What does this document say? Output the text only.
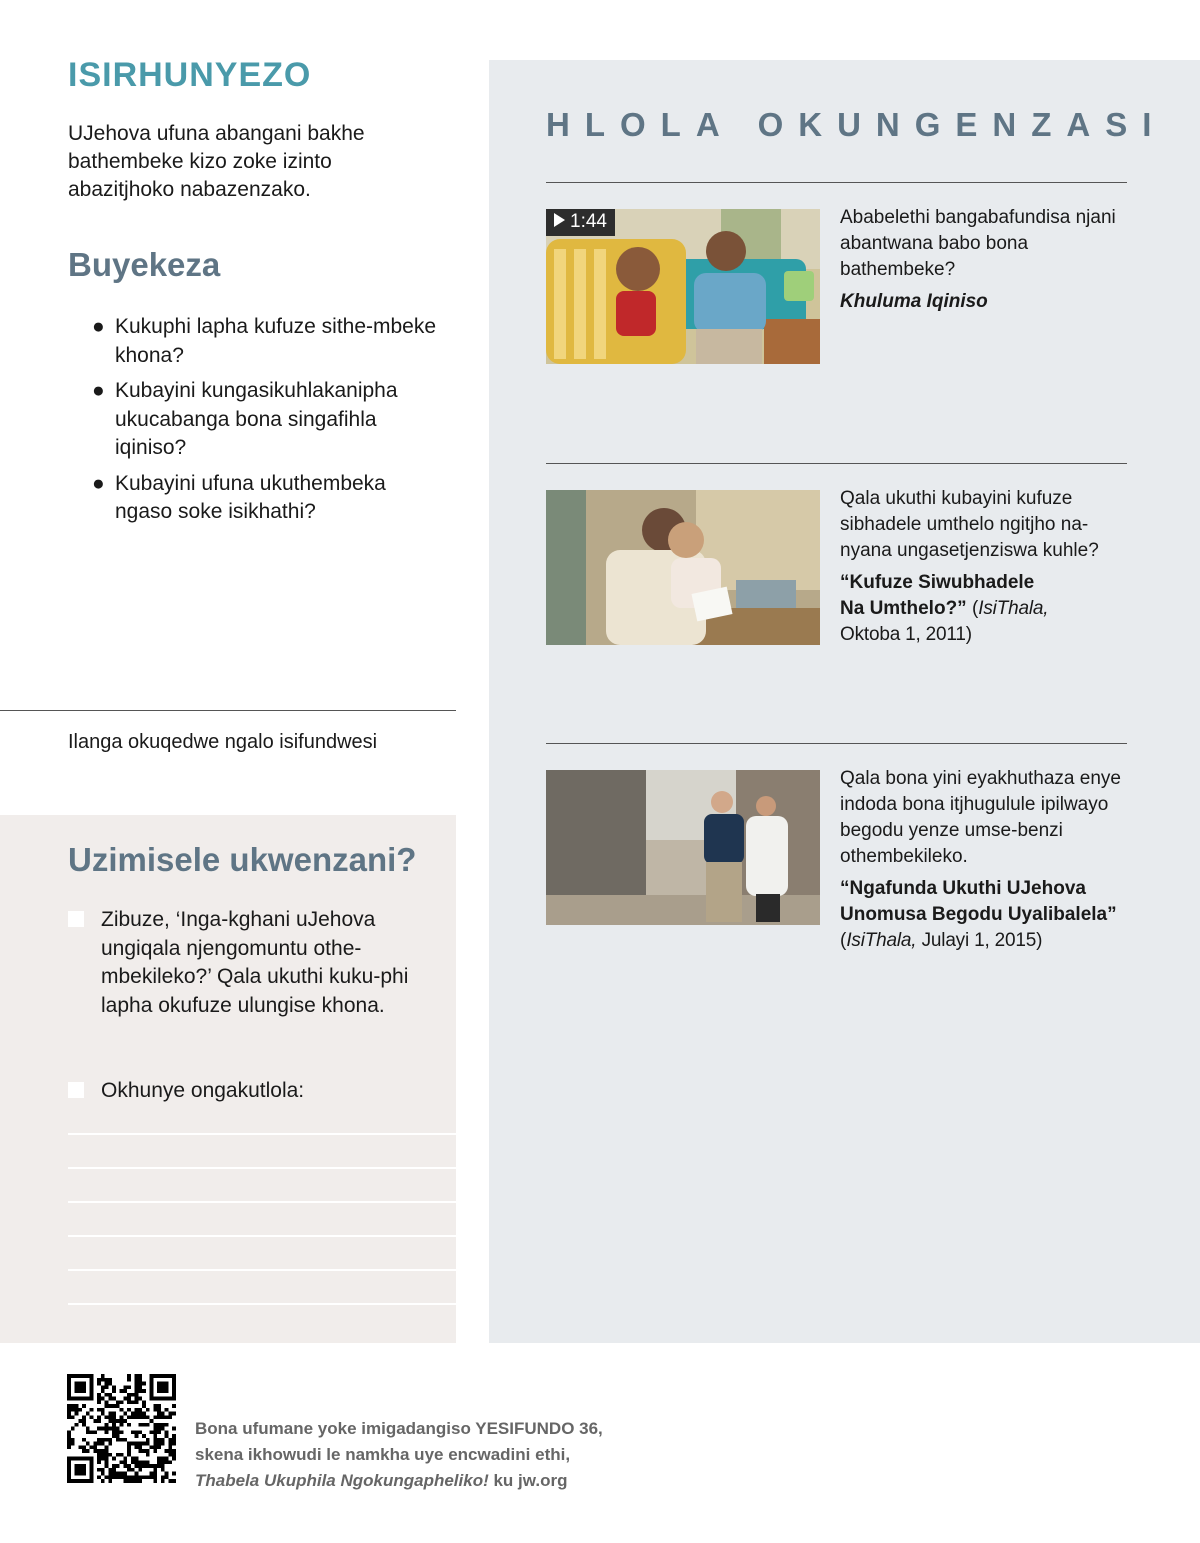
ISIRHUNYEZO

UJehova ufuna abangani bakhe bathembeke kizo zoke izinto abazitjhoko nabazenzako.

Buyekeza
● Kukuphi lapha kufuze sithe-mbeke khona?
● Kubayini kungasikuhlakanipha ukucabanga bona singafihla iqiniso?
● Kubayini ufuna ukuthembeka ngaso soke isikhathi?
Ilanga okuqedwe ngalo isifundwesi
Uzimisele ukwenzani?
Zibuze, ‘Inga-kghani uJehova ungiqala njengomuntu othe-mbekileko?’ Qala ukuthi kuku-phi lapha okufuze ulungise khona.
Okhunye ongakutlola:
HLOLA OKUNGENZASI
1:44	Ababelethi bangabafundisa njani abantwana babo bona bathembeke?

Khuluma Iqiniso

Qala ukuthi kubayini kufuze sibhadele umthelo ngitjho na-nyana ungasetjenziswa kuhle?

“Kufuze Siwubhadele
Na Umthelo?” (IsiThala,
Oktoba 1, 2011)

Qala bona yini eyakhuthaza enye indoda bona itjhugulule ipilwayo begodu yenze umse-benzi othembekileko.

“Ngafunda Ukuthi UJehova Unomusa Begodu Uyalibalela”
(IsiThala, Julayi 1, 2015)

Bona ufumane yoke imigadangiso YESIFUNDO 36,
skena ikhowudi le namkha uye encwadini ethi,
Thabela Ukuphila Ngokungapheliko! ku jw.org
